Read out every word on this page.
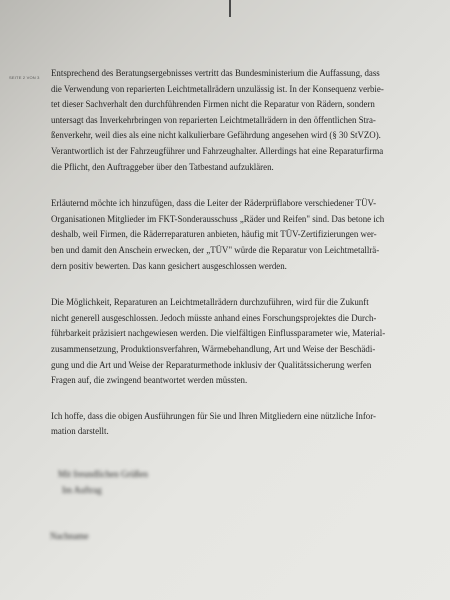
SEITE 2 VON 3 Entsprechend des Beratungsergebnisses vertritt das Bundesministerium die Auffassung, dass
die Verwendung von reparierten Leichtmetallrädern unzulässig ist. In der Konsequenz verbie-
tet dieser Sachverhalt den durchführenden Firmen nicht die Reparatur von Rädern, sondern
untersagt das Inverkehrbringen von reparierten Leichtmetallrädern in den öffentlichen Stra-
ßenverkehr, weil dies als eine nicht kalkulierbare Gefährdung angesehen wird (§ 30 StVZO).
Verantwortlich ist der Fahrzeugführer und Fahrzeughalter. Allerdings hat eine Reparaturfirma
die Pflicht, den Auftraggeber über den Tatbestand aufzuklären.

Erläuternd möchte ich hinzufügen, dass die Leiter der Räderprüflabore verschiedener TÜV-
Organisationen Mitglieder im FKT-Sonderausschuss „Räder und Reifen" sind. Das betone ich
deshalb, weil Firmen, die Räderreparaturen anbieten, häufig mit TÜV-Zertifizierungen wer-
ben und damit den Anschein erwecken, der „TÜV" würde die Reparatur von Leichtmetallrä-
dern positiv bewerten. Das kann gesichert ausgeschlossen werden.

Die Möglichkeit, Reparaturen an Leichtmetallrädern durchzuführen, wird für die Zukunft
nicht generell ausgeschlossen. Jedoch müsste anhand eines Forschungsprojektes die Durch-
führbarkeit präzisiert nachgewiesen werden. Die vielfältigen Einflussparameter wie, Material-
zusammensetzung, Produktionsverfahren, Wärmebehandlung, Art und Weise der Beschädi-
gung und die Art und Weise der Reparaturmethode inklusiv der Qualitätssicherung werfen
Fragen auf, die zwingend beantwortet werden müssten.

Ich hoffe, dass die obigen Ausführungen für Sie und Ihren Mitgliedern eine nützliche Infor-
mation darstellt.

Mit freundlichen Grüßen
Im Auftrag
Nachname
